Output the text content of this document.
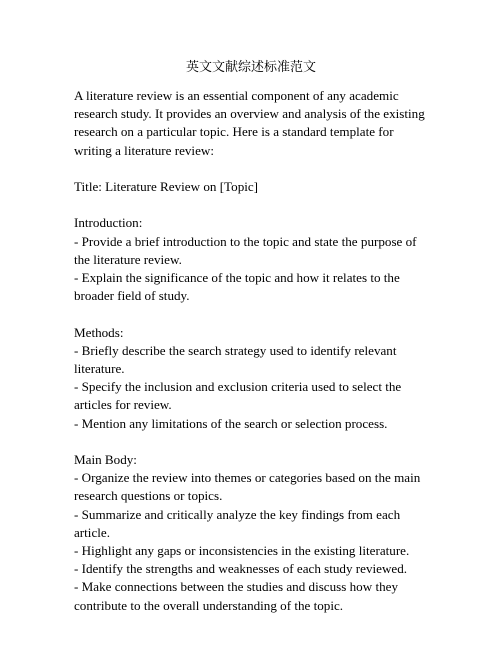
英文文献综述标准范文

A literature review is an essential component of any academic research study. It provides an overview and analysis of the existing research on a particular topic. Here is a standard template for writing a literature review:

Title: Literature Review on [Topic]

Introduction:

- Provide a brief introduction to the topic and state the purpose of the literature review.

- Explain the significance of the topic and how it relates to the broader field of study.

Methods:

- Briefly describe the search strategy used to identify relevant literature.

- Specify the inclusion and exclusion criteria used to select the articles for review.

- Mention any limitations of the search or selection process.

Main Body:

- Organize the review into themes or categories based on the main research questions or topics.

- Summarize and critically analyze the key findings from each article.

- Highlight any gaps or inconsistencies in the existing literature.

- Identify the strengths and weaknesses of each study reviewed.

- Make connections between the studies and discuss how they contribute to the overall understanding of the topic.
